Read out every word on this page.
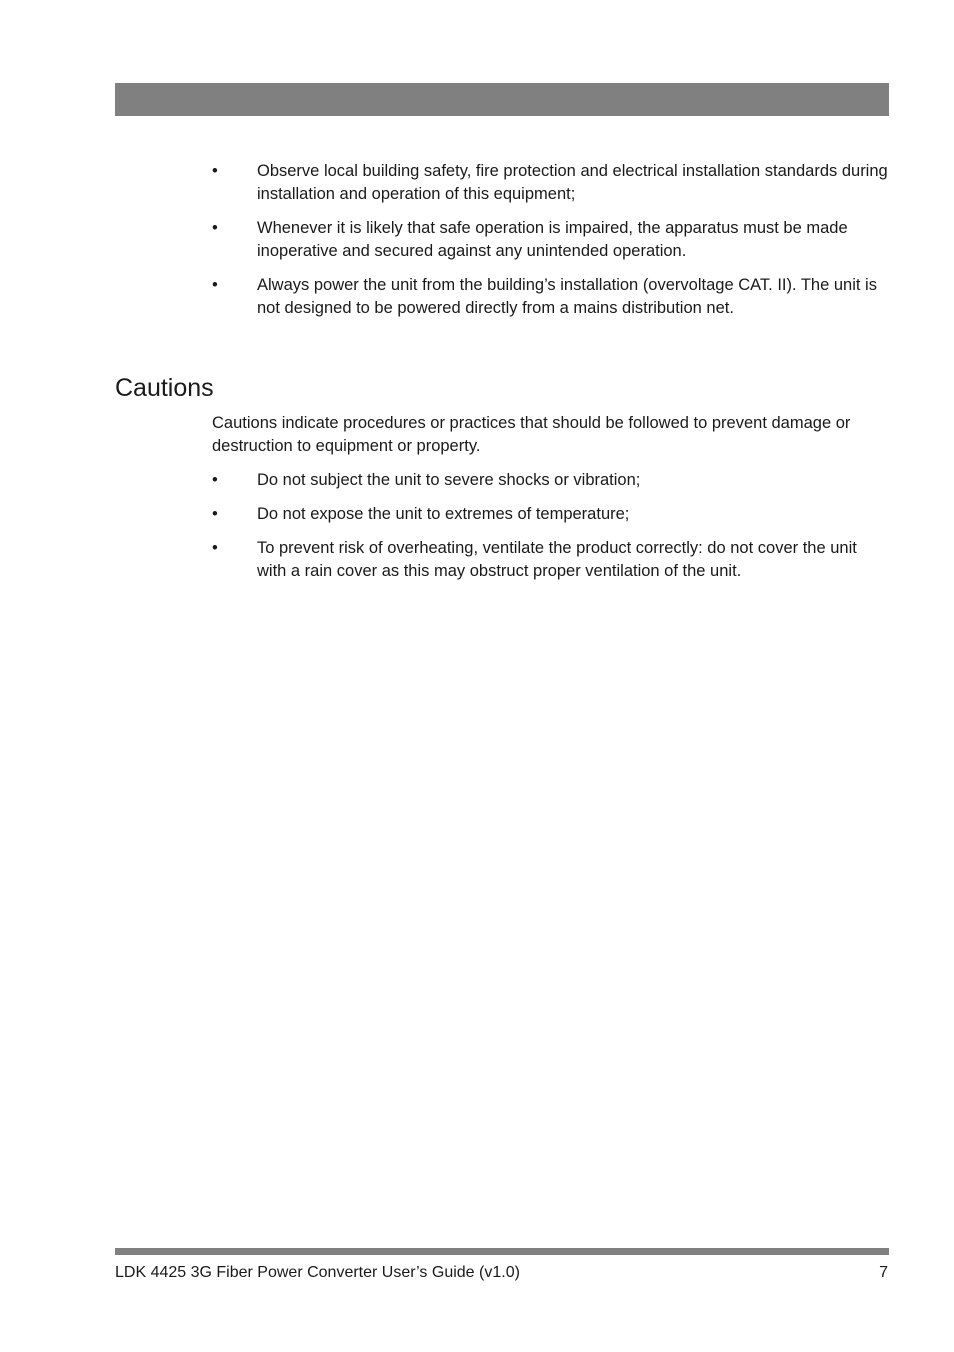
• Observe local building safety, fire protection and electrical installation standards during installation and operation of this equipment;
• Whenever it is likely that safe operation is impaired, the apparatus must be made inoperative and secured against any unintended operation.
• Always power the unit from the building’s installation (overvoltage CAT. II). The unit is not designed to be powered directly from a mains distribution net.
Cautions

Cautions indicate procedures or practices that should be followed to prevent damage or destruction to equipment or property.

• Do not subject the unit to severe shocks or vibration;
• Do not expose the unit to extremes of temperature;
• To prevent risk of overheating, ventilate the product correctly: do not cover the unit with a rain cover as this may obstruct proper ventilation of the unit.
LDK 4425 3G Fiber Power Converter User’s Guide (v1.0)	7
